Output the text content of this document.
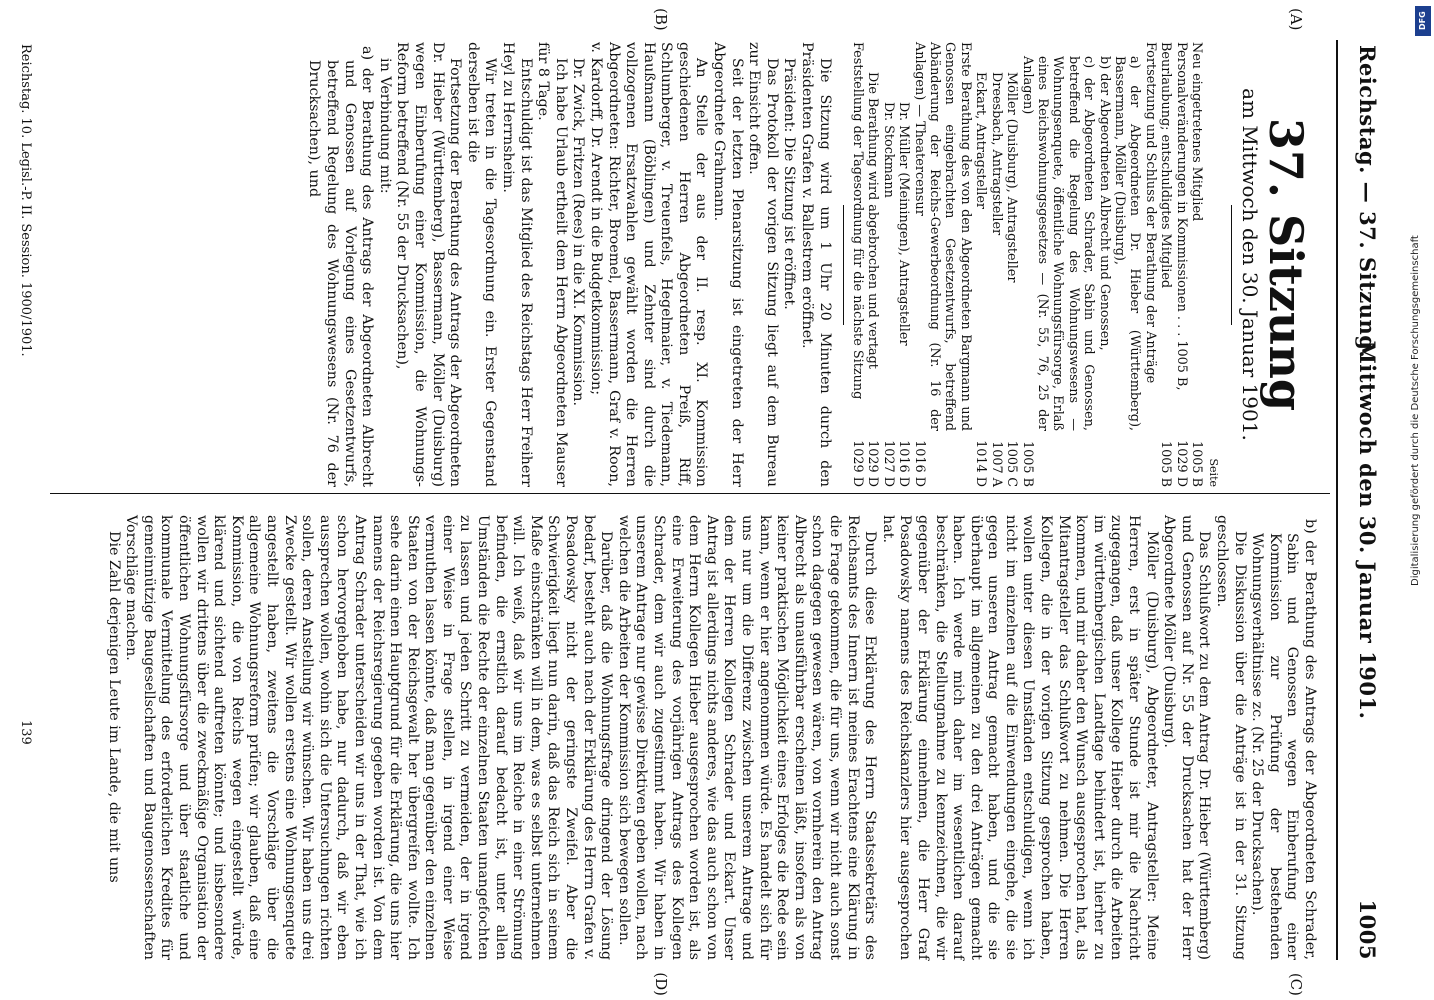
Reichstag. — 37. Sitzung.
Mittwoch den 30. Januar 1901.
1005
(A)
(B)
(C)
(D)
37. Sitzung
am Mittwoch den 30. Januar 1901.
Seite
Neu eingetretenes Mitglied
1005 B
Personalveränderungen in Kommissionen . . . 1005 B,
1029 D
Beurlaubung; entschuldigtes Mitglied
1005 B
Fortsetzung und Schluss der Berathung der Anträge
a) der Abgeordneten Dr. Hieber (Württemberg), Bassermann, Möller (Duisburg),
b) der Abgeordneten Albrecht und Genossen,
c) der Abgeordneten Schrader, Sabin und Genossen, betreffend die Regelung des Wohnungswesens — Wohnungsenquete, öffentliche Wohnungsfürsorge, Erlaß eines Reichswohnungsgesetzes — (Nr. 55, 76, 25 der Anlagen)
1005 B
Möller (Duisburg), Antragsteller
1005 C
Dreesbach, Antragsteller
1007 A
Eckart, Antragsteller
1014 D
Erste Berathung des von den Abgeordneten Bargmann und Genossen eingebrachten Gesetzentwurfs, betreffend Abänderung der Reichs-Gewerbeordnung (Nr. 16 der Anlagen) — Theatercensur
1016 D
Dr. Müller (Meiningen), Antragsteller
1016 D
Dr. Stockmann
1027 D
Die Berathung wird abgebrochen und vertagt
1029 D
Feststellung der Tagesordnung für die nächste Sitzung
1029 D

Die Sitzung wird um 1 Uhr 20 Minuten durch den Präsidenten Grafen v. Ballestrem eröffnet.

Präsident: Die Sitzung ist eröffnet.

Das Protokoll der vorigen Sitzung liegt auf dem Bureau zur Einsicht offen.

Seit der letzten Plenarsitzung ist eingetreten der Herr Abgeordnete Grahmann.

An Stelle der aus der II. resp. XI. Kommission geschiedenen Herren Abgeordneten Preiß, Riff, Schlumberger, v. Treuenfels, Hegelmaier, v. Tiedemann, Haußmann (Böblingen) und Zehnter sind durch die vollzogenen Ersatzwahlen gewählt worden die Herren Abgeordneten: Richter, Broemel, Bassermann, Graf v. Roon, v. Kardorff, Dr. Arendt in die Budgetkommission;

Dr. Zwick, Fritzen (Rees) in die XI. Kommission.

Ich habe Urlaub ertheilt dem Herrn Abgeordneten Mauser für 8 Tage.

Entschuldigt ist das Mitglied des Reichstags Herr Freiherr Heyl zu Herrnsheim.

Wir treten in die Tagesordnung ein. Erster Gegenstand derselben ist die

Fortsetzung der Berathung des Antrags der Abgeordneten Dr. Hieber (Württemberg), Bassermann, Möller (Duisburg) wegen Einberufung einer Kommission, die Wohnungs-Reform betreffend (Nr. 55 der Drucksachen),

in Verbindung mit:

a) der Berathung des Antrags der Abgeordneten Albrecht und Genossen auf Vorlegung eines Gesetzentwurfs, betreffend Regelung des Wohnungswesens (Nr. 76 der Drucksachen), und

b) der Berathung des Antrags der Abgeordneten Schrader, Sabin und Genossen wegen Einberufung einer Kommission zur Prüfung der bestehenden Wohnungsverhältnisse zc. (Nr. 25 der Drucksachen).

Die Diskussion über die Anträge ist in der 31. Sitzung geschlossen.

Das Schlußwort zu dem Antrag Dr. Hieber (Württemberg) und Genossen auf Nr. 55 der Drucksachen hat der Herr Abgeordnete Möller (Duisburg).

Möller (Duisburg), Abgeordneter, Antragsteller: Meine Herren, erst in später Stunde ist mir die Nachricht zugegangen, daß unser Kollege Hieber durch die Arbeiten im württembergischen Landtage behindert ist, hierher zu kommen, und mir daher den Wunsch ausgesprochen hat, als Mitantragsteller das Schlußwort zu nehmen. Die Herren Kollegen, die in der vorigen Sitzung gesprochen haben, wollen unter diesen Umständen entschuldigen, wenn ich nicht im einzelnen auf die Einwendungen eingehe, die sie gegen unseren Antrag gemacht haben, und die sie überhaupt im allgemeinen zu den drei Anträgen gemacht haben. Ich werde mich daher im wesentlichen darauf beschränken, die Stellungnahme zu kennzeichnen, die wir gegenüber der Erklärung einnehmen, die Herr Graf Posadowsky namens des Reichskanzlers hier ausgesprochen hat.

Durch diese Erklärung des Herrn Staatssekretärs des Reichsamts des Innern ist meines Erachtens eine Klärung in die Frage gekommen, die für uns, wenn wir nicht auch sonst schon dagegen gewesen wären, von vornherein den Antrag Albrecht als unausführbar erscheinen läßt, insofern als von keiner praktischen Möglichkeit eines Erfolges die Rede sein kann, wenn er hier angenommen würde. Es handelt sich für uns nur um die Differenz zwischen unserem Antrage und dem der Herren Kollegen Schrader und Eckart. Unser Antrag ist allerdings nichts anderes, wie das auch schon von dem Herrn Kollegen Hieber ausgesprochen worden ist, als eine Erweiterung des vorjährigen Antrags des Kollegen Schrader, dem wir auch zugestimmt haben. Wir haben in unserem Antrage nur gewisse Direktiven geben wollen, nach welchen die Arbeiten der Kommission sich bewegen sollen.

Darüber, daß die Wohnungsfrage dringend der Lösung bedarf, besteht auch nach der Erklärung des Herrn Grafen v. Posadowsky nicht der geringste Zweifel. Aber die Schwierigkeit liegt nun darin, daß das Reich sich in seinem Maße einschränken will in dem, was es selbst unternehmen will. Ich weiß, daß wir uns im Reiche in einer Strömung befinden, die ernstlich darauf bedacht ist, unter allen Umständen die Rechte der einzelnen Staaten unangefochten zu lassen und jeden Schritt zu vermeiden, der in irgend einer Weise in Frage stellen, in irgend einer Weise vermuthen lassen könnte, daß man gegenüber den einzelnen Staaten von der Reichsgewalt her übergreifen wollte. Ich sehe darin einen Hauptgrund für die Erklärung, die uns hier namens der Reichsregierung gegeben worden ist. Von dem Antrag Schrader unterscheiden wir uns in der That, wie ich schon hervorgehoben habe, nur dadurch, daß wir eben aussprechen wollen, wohin sich die Untersuchungen richten sollen, deren Anstellung wir wünschen. Wir haben uns drei Zwecke gestellt. Wir wollen erstens eine Wohnungsenquete angestellt haben, zweitens die Vorschläge über die allgemeine Wohnungsreform prüfen; wir glauben, daß eine Kommission, die von Reichs wegen eingestellt würde, klärend und sichtend auftreten könnte; und insbesondere wollen wir drittens über die zweckmäßige Organisation der öffentlichen Wohnungsfürsorge und über staatliche und kommunale Vermittelung des erforderlichen Kredites für gemeinnützige Baugesellschaften und Baugenossenschaften Vorschläge machen.

Die Zahl derjenigen Leute im Lande, die mit uns

Reichstag. 10. Legisl.-P. II. Session. 1900/1901.
139
Digitalisierung gefördert durch die Deutsche Forschungsgemeinschaft
DFG
